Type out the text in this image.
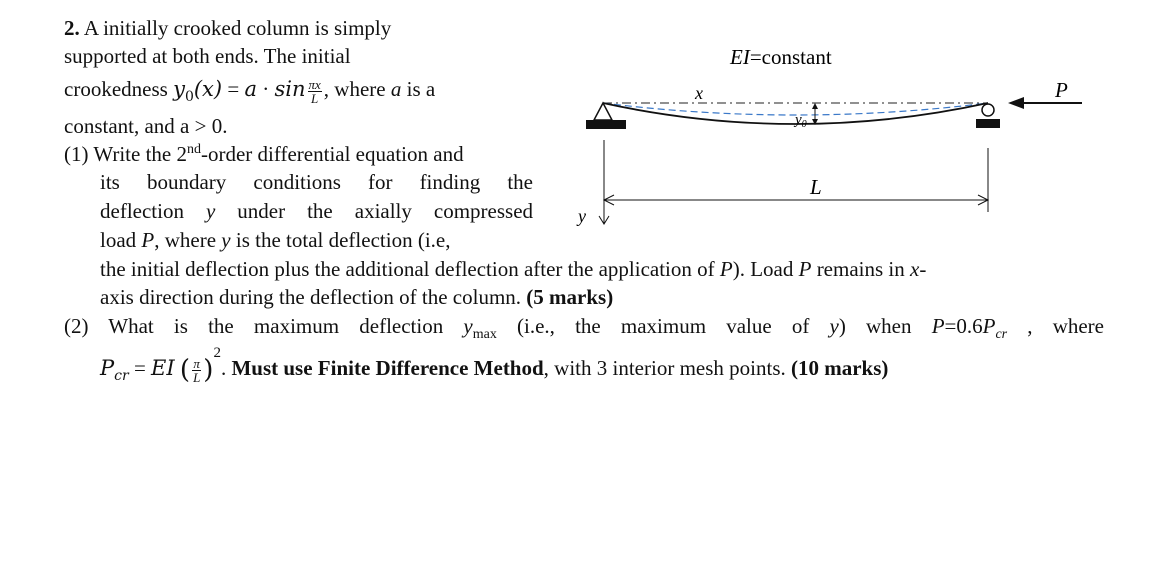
2. A initially crooked column is simply
supported at both ends. The initial
crookedness $y_0(x) = a \cdot \sin \frac{\pi x}{L}$ , where a is a
constant, and a > 0.
(1) Write the 2nd-order differential equation and
its boundary conditions for finding the
deflection y under the axially compressed
load P, where y is the total deflection (i.e,
the initial deflection plus the additional deflection after the application of P). Load P remains in x-
axis direction during the deflection of the column. (5 marks)
(2) What is the maximum deflection $y_{max}$ (i.e., the maximum value of y) when $P=0.6P_{cr}$ , where
$P_{cr}$ = EI ( $\frac{\pi}{L} )^2$. Must use Finite Difference Method, with 3 interior mesh points. (10 marks)
EI=constant
x	P
$y_0$
L
y
